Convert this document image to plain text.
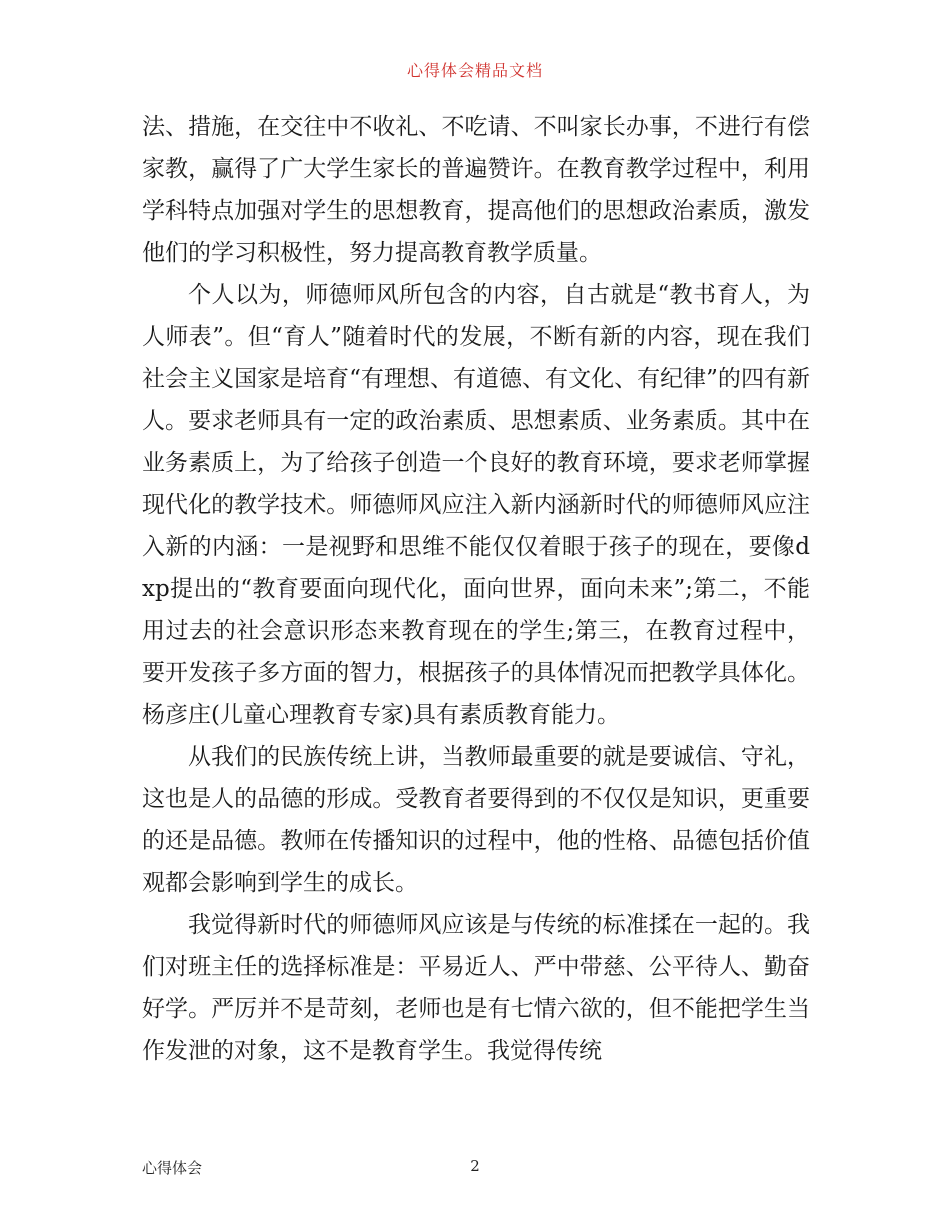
心得体会精品文档

法、措施，在交往中不收礼、不吃请、不叫家长办事，不进行有偿家教，赢得了广大学生家长的普遍赞许。在教育教学过程中，利用学科特点加强对学生的思想教育，提高他们的思想政治素质，激发他们的学习积极性，努力提高教育教学质量。

个人以为，师德师风所包含的内容，自古就是“教书育人，为人师表”。但“育人”随着时代的发展，不断有新的内容，现在我们社会主义国家是培育“有理想、有道德、有文化、有纪律”的四有新人。要求老师具有一定的政治素质、思想素质、业务素质。其中在业务素质上，为了给孩子创造一个良好的教育环境，要求老师掌握现代化的教学技术。师德师风应注入新内涵新时代的师德师风应注入新的内涵：一是视野和思维不能仅仅着眼于孩子的现在，要像dxp提出的“教育要面向现代化，面向世界，面向未来”;第二，不能用过去的社会意识形态来教育现在的学生;第三，在教育过程中，要开发孩子多方面的智力，根据孩子的具体情况而把教学具体化。杨彦庄(儿童心理教育专家)具有素质教育能力。

从我们的民族传统上讲，当教师最重要的就是要诚信、守礼，这也是人的品德的形成。受教育者要得到的不仅仅是知识，更重要的还是品德。教师在传播知识的过程中，他的性格、品德包括价值观都会影响到学生的成长。

我觉得新时代的师德师风应该是与传统的标准揉在一起的。我们对班主任的选择标准是：平易近人、严中带慈、公平待人、勤奋好学。严厉并不是苛刻，老师也是有七情六欲的，但不能把学生当作发泄的对象，这不是教育学生。我觉得传统

心得体会	2
